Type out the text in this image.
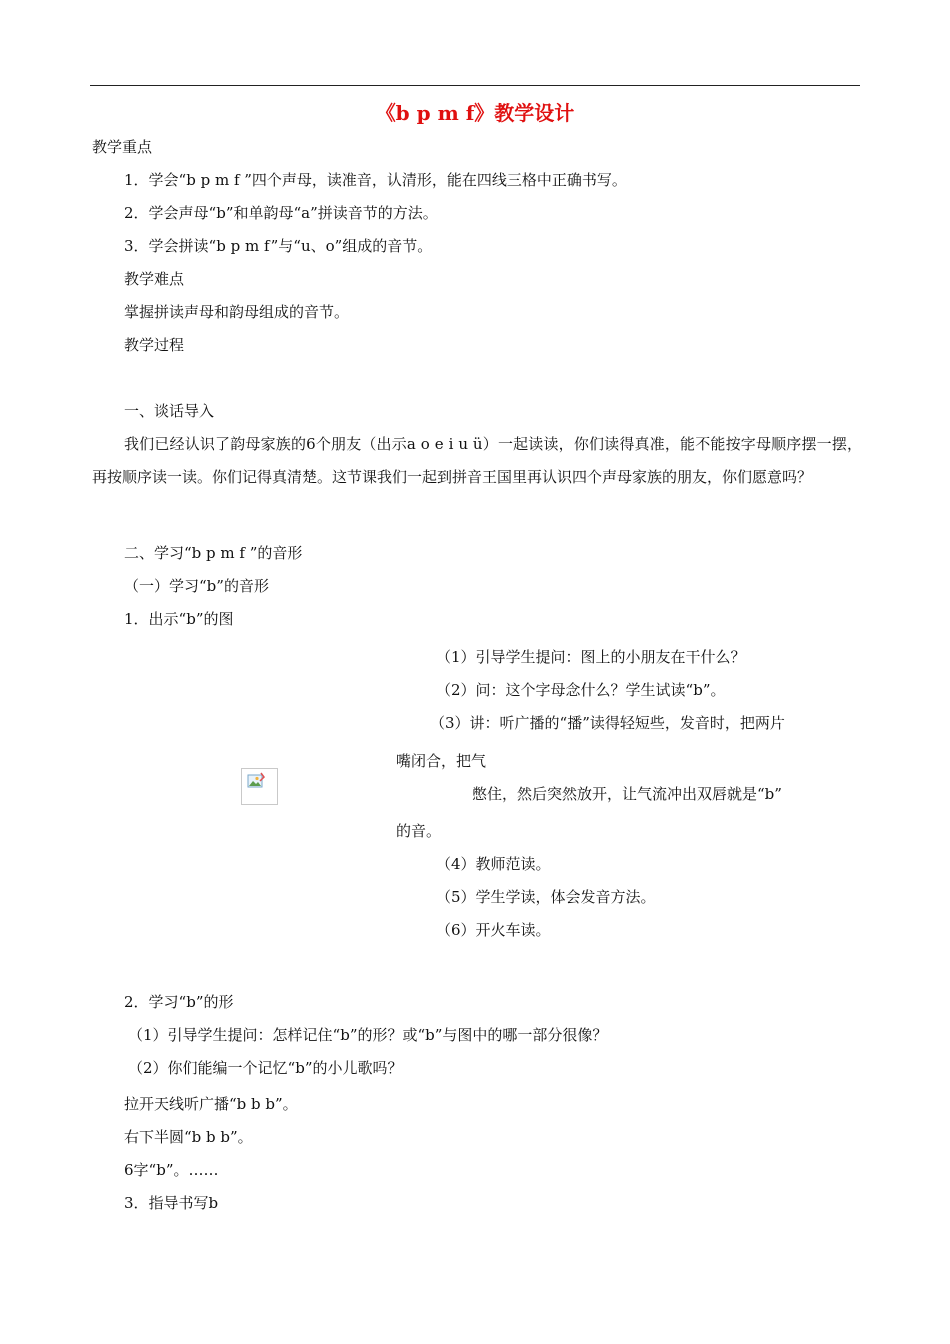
《b p m f》教学设计
教学重点
1．学会“b p m f ”四个声母，读准音，认清形，能在四线三格中正确书写。
2．学会声母“b”和单韵母“a”拼读音节的方法。
3．学会拼读“b p m f”与“u、o”组成的音节。
教学难点
掌握拼读声母和韵母组成的音节。
教学过程
一、谈话导入
我们已经认识了韵母家族的6个朋友（出示a o e i u ü）一起读读，你们读得真准，能不能按字母顺序摆一摆，再按顺序读一读。你们记得真清楚。这节课我们一起到拼音王国里再认识四个声母家族的朋友，你们愿意吗？
二、学习“b p m f ”的音形
（一）学习“b”的音形
1．出示“b”的图
（1）引导学生提问：图上的小朋友在干什么？
（2）问：这个字母念什么？学生试读“b”。
（3）讲：听广播的“播”读得轻短些，发音时，把两片
嘴闭合，把气
憋住，然后突然放开，让气流冲出双唇就是“b”
的音。
（4）教师范读。
（5）学生学读，体会发音方法。
（6）开火车读。
2．学习“b”的形
（1）引导学生提问：怎样记住“b”的形？或“b”与图中的哪一部分很像？
（2）你们能编一个记忆“b”的小儿歌吗？
拉开天线听广播“b b b”。
右下半圆“b b b”。
6字“b”。……
3．指导书写b
